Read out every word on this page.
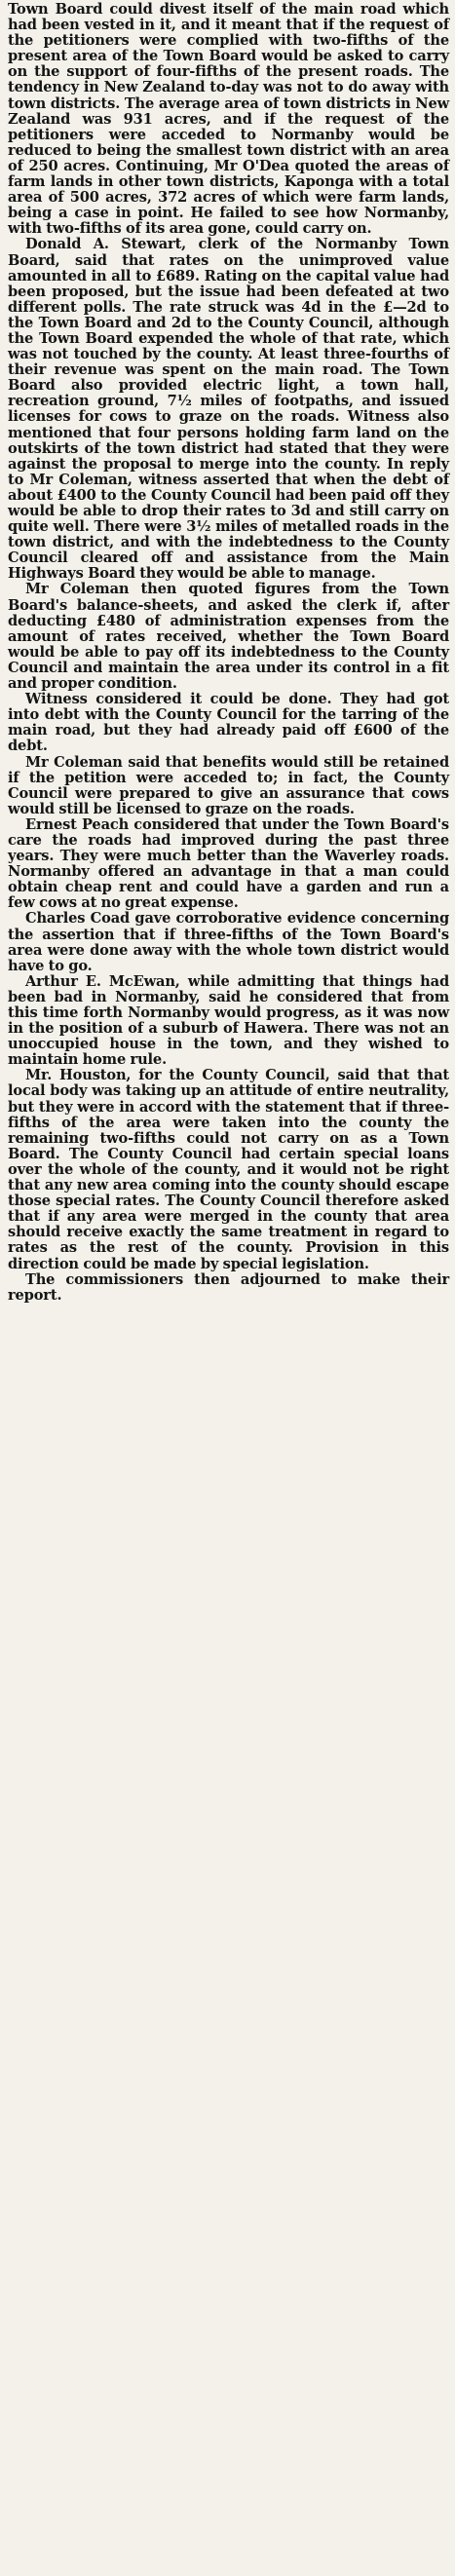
Town Board could divest itself of the main road which had been vested in it, and it meant that if the request of the petitioners were complied with two-fifths of the present area of the Town Board would be asked to carry on the support of four-fifths of the present roads. The tendency in New Zealand to-day was not to do away with town districts. The average area of town districts in New Zealand was 931 acres, and if the request of the petitioners were acceded to Normanby would be reduced to being the smallest town district with an area of 250 acres. Continuing, Mr O'Dea quoted the areas of farm lands in other town districts, Kaponga with a total area of 500 acres, 372 acres of which were farm lands, being a case in point. He failed to see how Normanby, with two-fifths of its area gone, could carry on.

Donald A. Stewart, clerk of the Normanby Town Board, said that rates on the unimproved value amounted in all to £689. Rating on the capital value had been proposed, but the issue had been defeated at two different polls. The rate struck was 4d in the £—2d to the Town Board and 2d to the County Council, although the Town Board expended the whole of that rate, which was not touched by the county. At least three-fourths of their revenue was spent on the main road. The Town Board also provided electric light, a town hall, recreation ground, 7½ miles of footpaths, and issued licenses for cows to graze on the roads. Witness also mentioned that four persons holding farm land on the outskirts of the town district had stated that they were against the proposal to merge into the county. In reply to Mr Coleman, witness asserted that when the debt of about £400 to the County Council had been paid off they would be able to drop their rates to 3d and still carry on quite well. There were 3½ miles of metalled roads in the town district, and with the indebtedness to the County Council cleared off and assistance from the Main Highways Board they would be able to manage.

Mr Coleman then quoted figures from the Town Board's balance-sheets, and asked the clerk if, after deducting £480 of administration expenses from the amount of rates received, whether the Town Board would be able to pay off its indebtedness to the County Council and maintain the area under its control in a fit and proper condition.

Witness considered it could be done. They had got into debt with the County Council for the tarring of the main road, but they had already paid off £600 of the debt.

Mr Coleman said that benefits would still be retained if the petition were acceded to; in fact, the County Council were prepared to give an assurance that cows would still be licensed to graze on the roads.

Ernest Peach considered that under the Town Board's care the roads had improved during the past three years. They were much better than the Waverley roads. Normanby offered an advantage in that a man could obtain cheap rent and could have a garden and run a few cows at no great expense.

Charles Coad gave corroborative evidence concerning the assertion that if three-fifths of the Town Board's area were done away with the whole town district would have to go.

Arthur E. McEwan, while admitting that things had been bad in Normanby, said he considered that from this time forth Normanby would progress, as it was now in the position of a suburb of Hawera. There was not an unoccupied house in the town, and they wished to maintain home rule.

Mr. Houston, for the County Council, said that that local body was taking up an attitude of entire neutrality, but they were in accord with the statement that if three-fifths of the area were taken into the county the remaining two-fifths could not carry on as a Town Board. The County Council had certain special loans over the whole of the county, and it would not be right that any new area coming into the county should escape those special rates. The County Council therefore asked that if any area were merged in the county that area should receive exactly the same treatment in regard to rates as the rest of the county. Provision in this direction could be made by special legislation.

The commissioners then adjourned to make their report.
